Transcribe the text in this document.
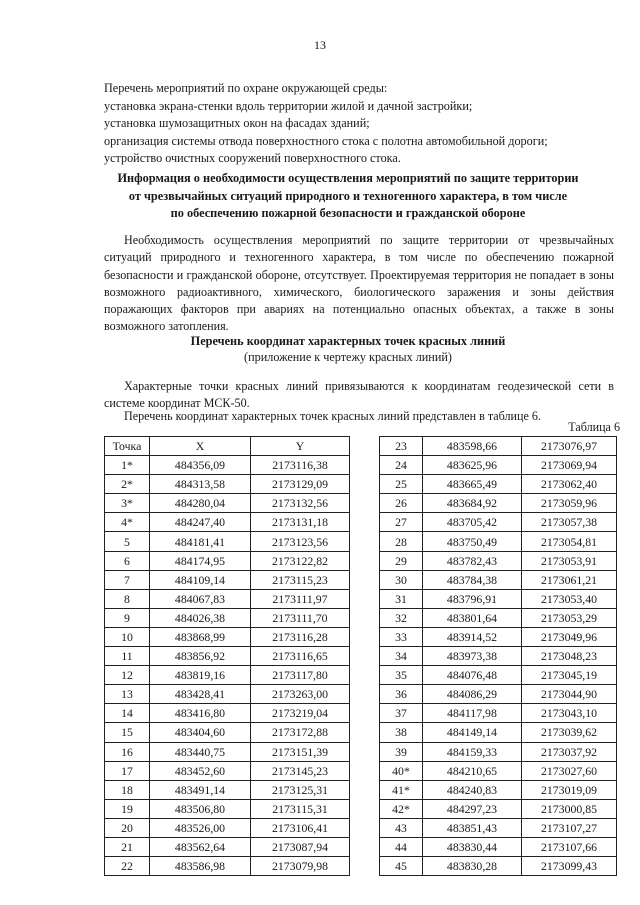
13
Перечень мероприятий по охране окружающей среды:
установка экрана-стенки вдоль территории жилой и дачной застройки;
установка шумозащитных окон на фасадах зданий;
организация системы отвода поверхностного стока с полотна автомобильной дороги;
устройство очистных сооружений поверхностного стока.
Информация о необходимости осуществления мероприятий по защите территории
от чрезвычайных ситуаций природного и техногенного характера, в том числе
по обеспечению пожарной безопасности и гражданской обороне
Необходимость осуществления мероприятий по защите территории от чрезвычайных ситуаций природного и техногенного характера, в том числе по обеспечению пожарной безопасности и гражданской обороне, отсутствует. Проектируемая территория не попадает в зоны возможного радиоактивного, химического, биологического заражения и зоны действия поражающих факторов при авариях на потенциально опасных объектах, а также в зоны возможного затопления.
Перечень координат характерных точек красных линий
(приложение к чертежу красных линий)
Характерные точки красных линий привязываются к координатам геодезической сети в системе координат МСК-50.
Перечень координат характерных точек красных линий представлен в таблице 6.
Таблица 6
Точка	X	Y
1*	484356,09	2173116,38
2*	484313,58	2173129,09
3*	484280,04	2173132,56
4*	484247,40	2173131,18
5	484181,41	2173123,56
6	484174,95	2173122,82
7	484109,14	2173115,23
8	484067,83	2173111,97
9	484026,38	2173111,70
10	483868,99	2173116,28
11	483856,92	2173116,65
12	483819,16	2173117,80
13	483428,41	2173263,00
14	483416,80	2173219,04
15	483404,60	2173172,88
16	483440,75	2173151,39
17	483452,60	2173145,23
18	483491,14	2173125,31
19	483506,80	2173115,31
20	483526,00	2173106,41
21	483562,64	2173087,94
22	483586,98	2173079,98
23	483598,66	2173076,97
24	483625,96	2173069,94
25	483665,49	2173062,40
26	483684,92	2173059,96
27	483705,42	2173057,38
28	483750,49	2173054,81
29	483782,43	2173053,91
30	483784,38	2173061,21
31	483796,91	2173053,40
32	483801,64	2173053,29
33	483914,52	2173049,96
34	483973,38	2173048,23
35	484076,48	2173045,19
36	484086,29	2173044,90
37	484117,98	2173043,10
38	484149,14	2173039,62
39	484159,33	2173037,92
40*	484210,65	2173027,60
41*	484240,83	2173019,09
42*	484297,23	2173000,85
43	483851,43	2173107,27
44	483830,44	2173107,66
45	483830,28	2173099,43
